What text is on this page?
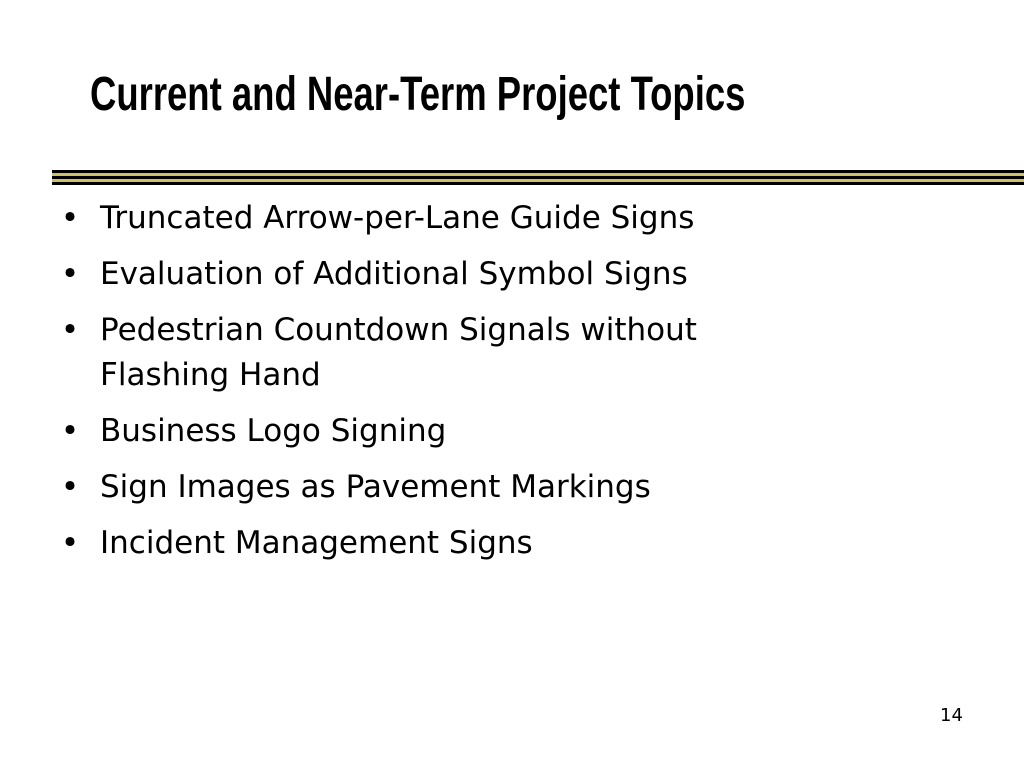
Current and Near-Term Project Topics
• Truncated Arrow-per-Lane Guide Signs
• Evaluation of Additional Symbol Signs
• Pedestrian Countdown Signals without Flashing Hand
• Business Logo Signing
• Sign Images as Pavement Markings
• Incident Management Signs
14
